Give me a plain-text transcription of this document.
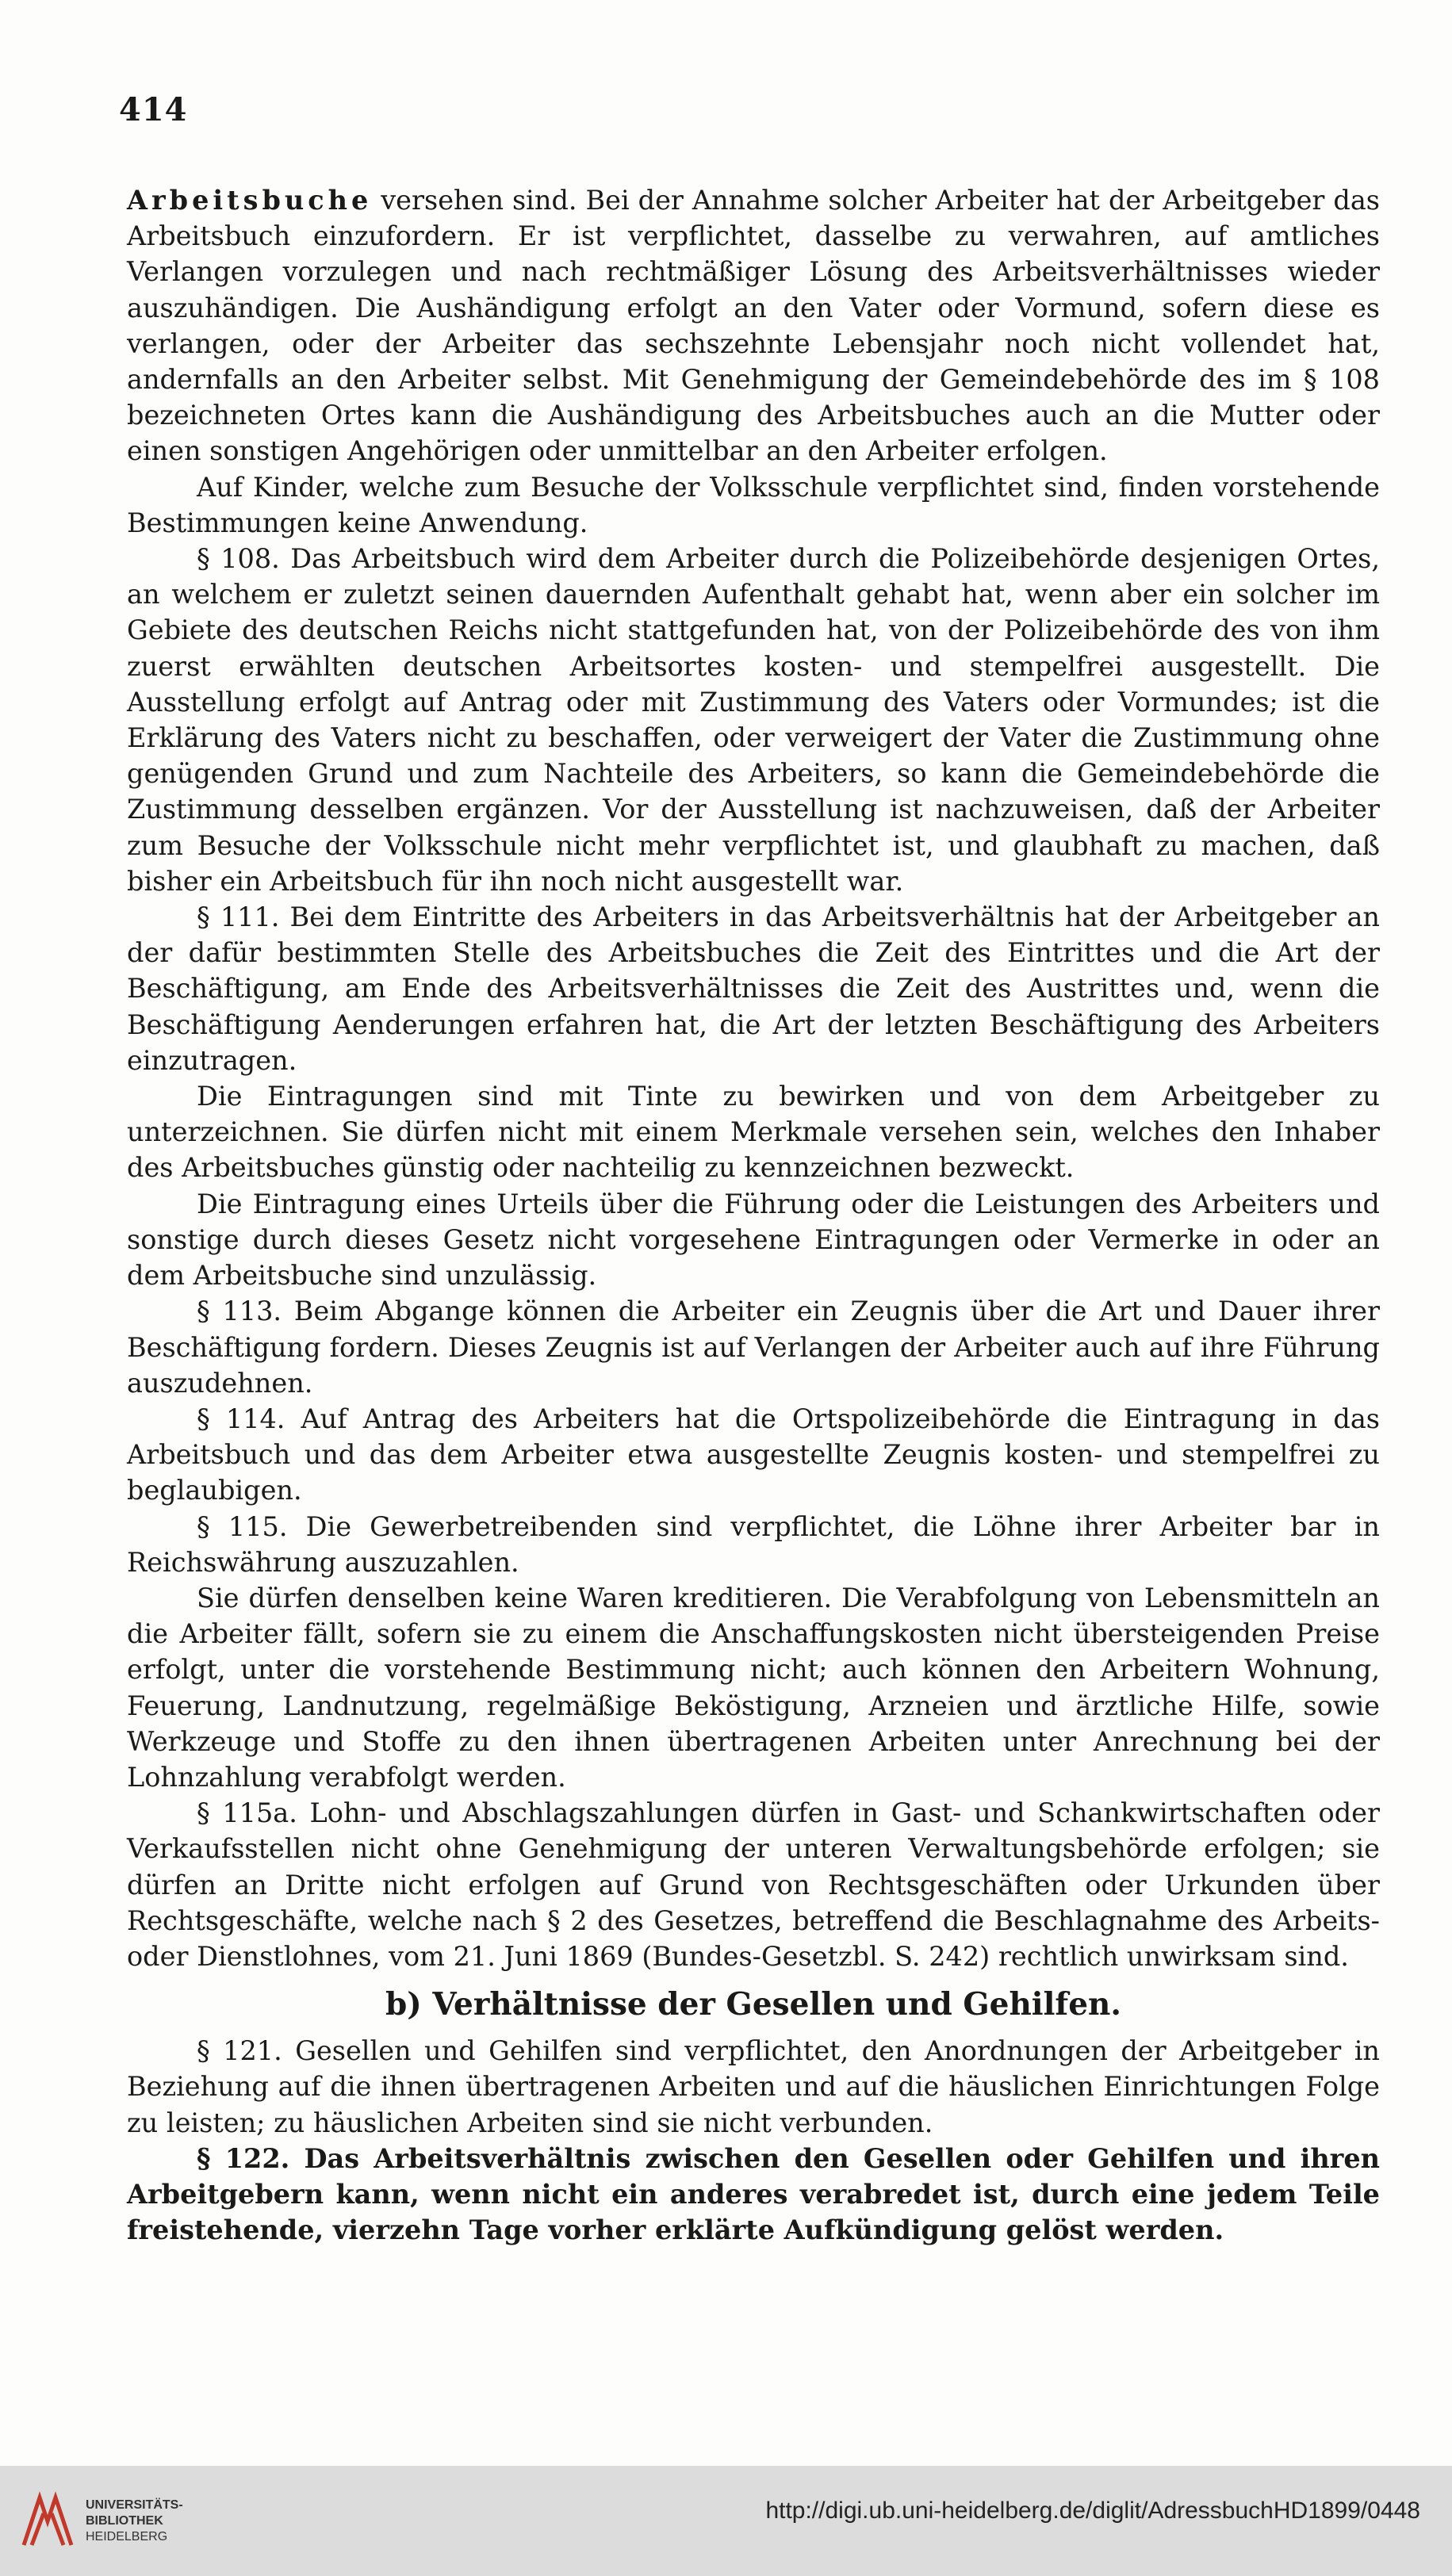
414

Arbeitsbuche versehen sind. Bei der Annahme solcher Arbeiter hat der Arbeitgeber das Arbeitsbuch einzufordern. Er ist verpflichtet, dasselbe zu verwahren, auf amtliches Verlangen vorzulegen und nach rechtmäßiger Lösung des Arbeitsverhältnisses wieder auszuhändigen. Die Aushändigung erfolgt an den Vater oder Vormund, sofern diese es verlangen, oder der Arbeiter das sechszehnte Lebensjahr noch nicht vollendet hat, andernfalls an den Arbeiter selbst. Mit Genehmigung der Gemeindebehörde des im § 108 bezeichneten Ortes kann die Aushändigung des Arbeitsbuches auch an die Mutter oder einen sonstigen Angehörigen oder unmittelbar an den Arbeiter erfolgen.

Auf Kinder, welche zum Besuche der Volksschule verpflichtet sind, finden vorstehende Bestimmungen keine Anwendung.

§ 108. Das Arbeitsbuch wird dem Arbeiter durch die Polizeibehörde desjenigen Ortes, an welchem er zuletzt seinen dauernden Aufenthalt gehabt hat, wenn aber ein solcher im Gebiete des deutschen Reichs nicht stattgefunden hat, von der Polizeibehörde des von ihm zuerst erwählten deutschen Arbeitsortes kosten- und stempelfrei ausgestellt. Die Ausstellung erfolgt auf Antrag oder mit Zustimmung des Vaters oder Vormundes; ist die Erklärung des Vaters nicht zu beschaffen, oder verweigert der Vater die Zustimmung ohne genügenden Grund und zum Nachteile des Arbeiters, so kann die Gemeindebehörde die Zustimmung desselben ergänzen. Vor der Ausstellung ist nachzuweisen, daß der Arbeiter zum Besuche der Volksschule nicht mehr verpflichtet ist, und glaubhaft zu machen, daß bisher ein Arbeitsbuch für ihn noch nicht ausgestellt war.

§ 111. Bei dem Eintritte des Arbeiters in das Arbeitsverhältnis hat der Arbeitgeber an der dafür bestimmten Stelle des Arbeitsbuches die Zeit des Eintrittes und die Art der Beschäftigung, am Ende des Arbeitsverhältnisses die Zeit des Austrittes und, wenn die Beschäftigung Aenderungen erfahren hat, die Art der letzten Beschäftigung des Arbeiters einzutragen.

Die Eintragungen sind mit Tinte zu bewirken und von dem Arbeitgeber zu unterzeichnen. Sie dürfen nicht mit einem Merkmale versehen sein, welches den Inhaber des Arbeitsbuches günstig oder nachteilig zu kennzeichnen bezweckt.

Die Eintragung eines Urteils über die Führung oder die Leistungen des Arbeiters und sonstige durch dieses Gesetz nicht vorgesehene Eintragungen oder Vermerke in oder an dem Arbeitsbuche sind unzulässig.

§ 113. Beim Abgange können die Arbeiter ein Zeugnis über die Art und Dauer ihrer Beschäftigung fordern. Dieses Zeugnis ist auf Verlangen der Arbeiter auch auf ihre Führung auszudehnen.

§ 114. Auf Antrag des Arbeiters hat die Ortspolizeibehörde die Eintragung in das Arbeitsbuch und das dem Arbeiter etwa ausgestellte Zeugnis kosten- und stempelfrei zu beglaubigen.

§ 115. Die Gewerbetreibenden sind verpflichtet, die Löhne ihrer Arbeiter bar in Reichswährung auszuzahlen.

Sie dürfen denselben keine Waren kreditieren. Die Verabfolgung von Lebensmitteln an die Arbeiter fällt, sofern sie zu einem die Anschaffungskosten nicht übersteigenden Preise erfolgt, unter die vorstehende Bestimmung nicht; auch können den Arbeitern Wohnung, Feuerung, Landnutzung, regelmäßige Beköstigung, Arzneien und ärztliche Hilfe, sowie Werkzeuge und Stoffe zu den ihnen übertragenen Arbeiten unter Anrechnung bei der Lohnzahlung verabfolgt werden.

§ 115a. Lohn- und Abschlagszahlungen dürfen in Gast- und Schankwirtschaften oder Verkaufsstellen nicht ohne Genehmigung der unteren Verwaltungsbehörde erfolgen; sie dürfen an Dritte nicht erfolgen auf Grund von Rechtsgeschäften oder Urkunden über Rechtsgeschäfte, welche nach § 2 des Gesetzes, betreffend die Beschlagnahme des Arbeits- oder Dienstlohnes, vom 21. Juni 1869 (Bundes-Gesetzbl. S. 242) rechtlich unwirksam sind.

b) Verhältnisse der Gesellen und Gehilfen.

§ 121. Gesellen und Gehilfen sind verpflichtet, den Anordnungen der Arbeitgeber in Beziehung auf die ihnen übertragenen Arbeiten und auf die häuslichen Einrichtungen Folge zu leisten; zu häuslichen Arbeiten sind sie nicht verbunden.

§ 122. Das Arbeitsverhältnis zwischen den Gesellen oder Gehilfen und ihren Arbeitgebern kann, wenn nicht ein anderes verabredet ist, durch eine jedem Teile freistehende, vierzehn Tage vorher erklärte Aufkündigung gelöst werden.

UNIVERSITÄTS-
BIBLIOTHEK
HEIDELBERG
http://digi.ub.uni-heidelberg.de/diglit/AdressbuchHD1899/0448
